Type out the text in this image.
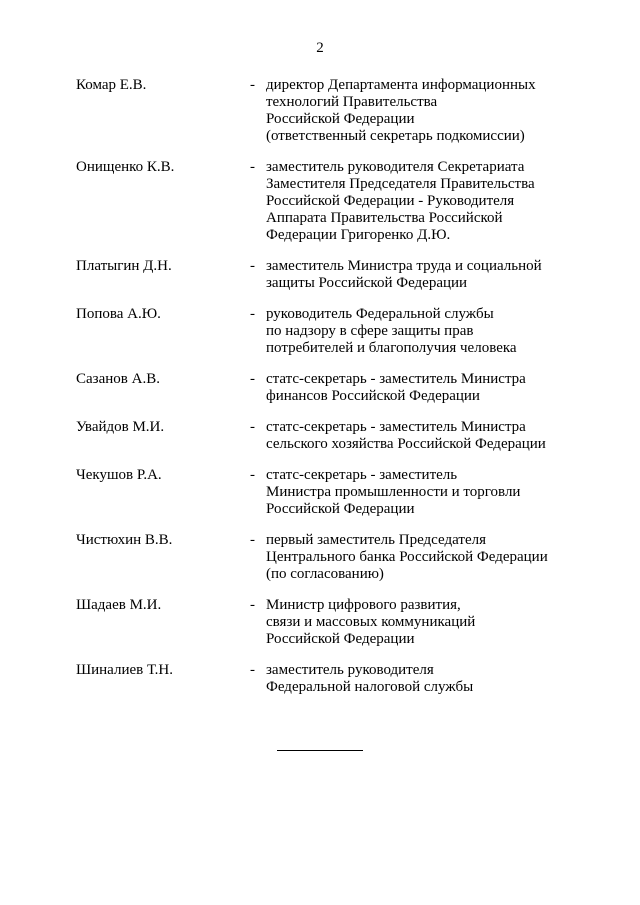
2
Комар Е.В.	- директор Департамента информационных
технологий Правительства
Российской Федерации
(ответственный секретарь подкомиссии)
Онищенко К.В.	- заместитель руководителя Секретариата
Заместителя Председателя Правительства
Российской Федерации - Руководителя
Аппарата Правительства Российской
Федерации Григоренко Д.Ю.
Платыгин Д.Н.	- заместитель Министра труда и социальной
защиты Российской Федерации
Попова А.Ю.	- руководитель Федеральной службы
по надзору в сфере защиты прав
потребителей и благополучия человека
Сазанов А.В.	- статс-секретарь - заместитель Министра
финансов Российской Федерации
Увайдов М.И.	- статс-секретарь - заместитель Министра
сельского хозяйства Российской Федерации
Чекушов Р.А.	- статс-секретарь - заместитель
Министра промышленности и торговли
Российской Федерации
Чистюхин В.В.	- первый заместитель Председателя
Центрального банка Российской Федерации
(по согласованию)
Шадаев М.И.	- Министр цифрового развития,
связи и массовых коммуникаций
Российской Федерации
Шиналиев Т.Н.	- заместитель руководителя
Федеральной налоговой службы
